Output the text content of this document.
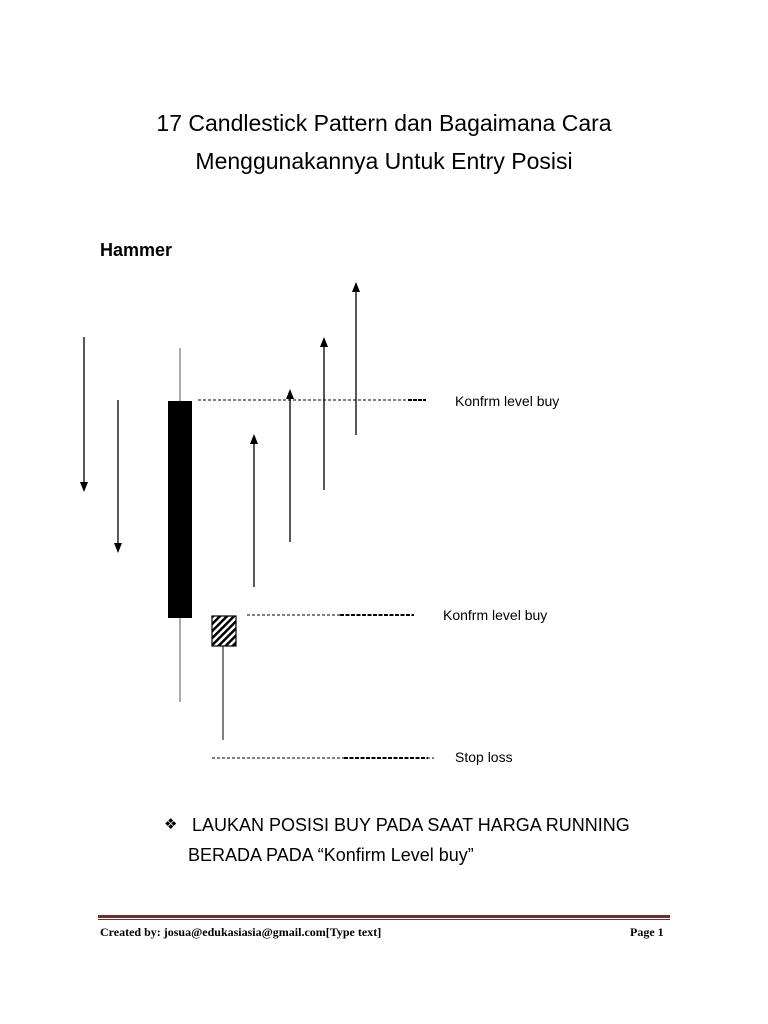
17 Candlestick Pattern dan Bagaimana Cara
Menggunakannya Untuk Entry Posisi
Hammer
Konfrm level buy
Konfrm level buy
Stop loss
❖ LAUKAN POSISI BUY PADA SAAT HARGA RUNNING
BERADA PADA “Konfirm Level buy”
Created by: josua@edukasiasia@gmail.com[Type text]	Page 1
